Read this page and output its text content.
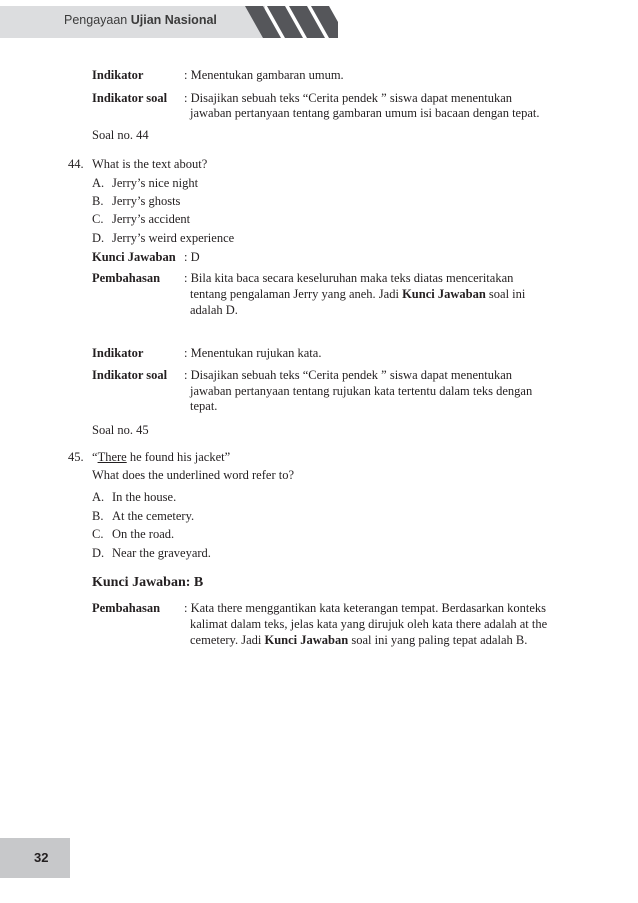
Pengayaan Ujian Nasional
Indikator	: Menentukan gambaran umum.
Indikator soal : Disajikan sebuah teks “Cerita pendek ” siswa dapat menentukan
jawaban pertanyaan tentang gambaran umum isi bacaan dengan tepat.
Soal no. 44
44. What is the text about?
A. Jerry’s nice night
B. Jerry’s ghosts
C. Jerry’s accident
D. Jerry’s weird experience
Kunci Jawaban : D
Pembahasan : Bila kita baca secara keseluruhan maka teks diatas menceritakan
tentang pengalaman Jerry yang aneh. Jadi Kunci Jawaban soal ini
adalah D.
Indikator	: Menentukan rujukan kata.
Indikator soal : Disajikan sebuah teks “Cerita pendek ” siswa dapat menentukan
jawaban pertanyaan tentang rujukan kata tertentu dalam teks dengan
tepat.
Soal no. 45
45. “There he found his jacket”
What does the underlined word refer to?
A. In the house.
B. At the cemetery.
C. On the road.
D. Near the graveyard.
Kunci Jawaban: B
Pembahasan : Kata there menggantikan kata keterangan tempat. Berdasarkan konteks
kalimat dalam teks, jelas kata yang dirujuk oleh kata there adalah at the
cemetery. Jadi Kunci Jawaban soal ini yang paling tepat adalah B.
32
